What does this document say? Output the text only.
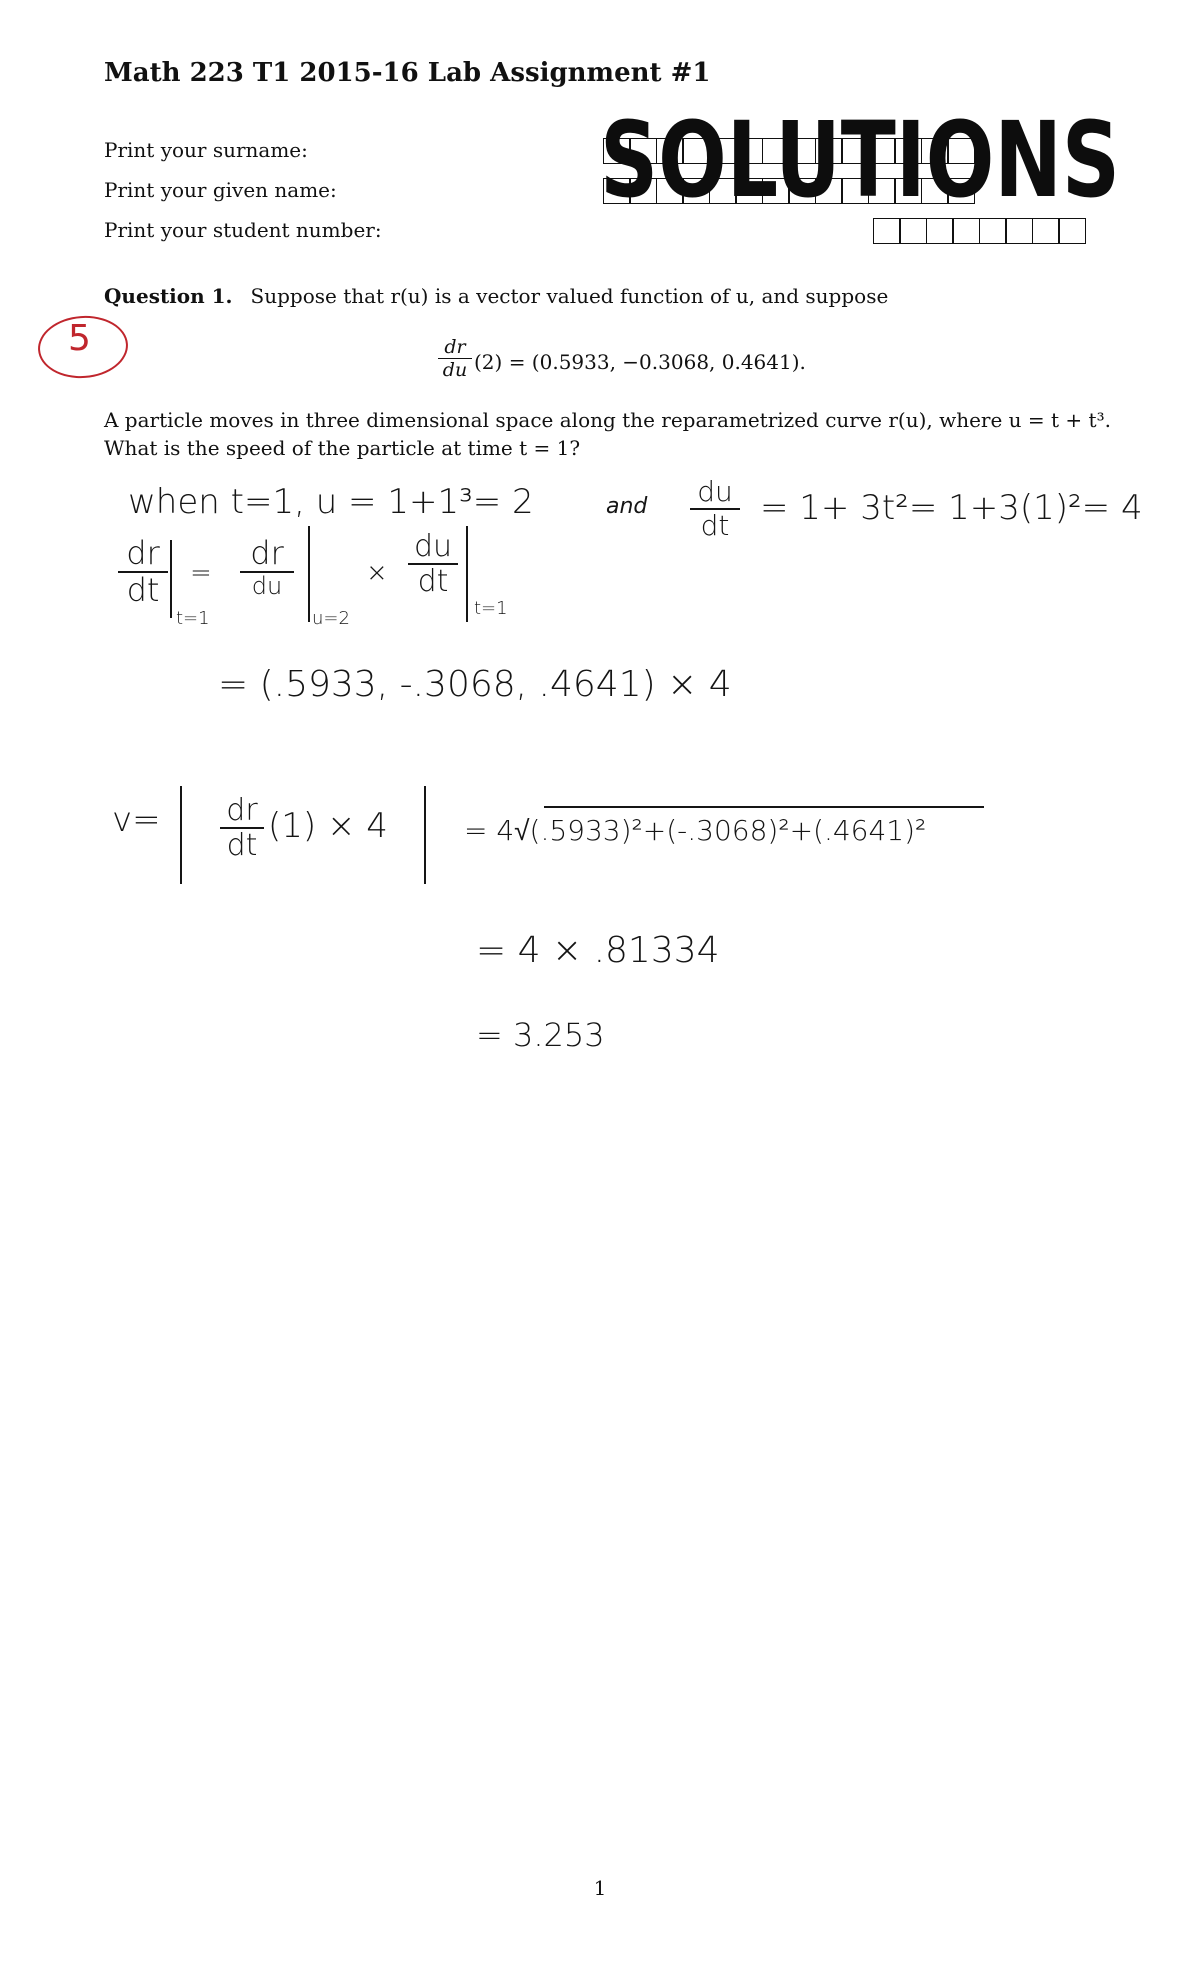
Math 223 T1 2015-16 Lab Assignment #1
Print your surname:
Print your given name:
Print your student number:
SOLUTIONS
5
Question 1. Suppose that r(u) is a vector valued function of u, and suppose
$\frac{dr}{du} (2) = (0.5933$, −0.3068, 0.4641).
A particle moves in three dimensional space along the reparametrized curve r(u), where u = t + t³.
What is the speed of the particle at time t = 1?
when t=1, u = 1+1³= 2	and du
dt = 1+ 3t²= 1+3(1)²= 4
dr
dt
t=1
=
dr
du
u=2
×
du
dt
t=1
= (.5933, -.3068, .4641) × 4
v= dr
dt (1) × 4	= 4√(.5933)²+(-.3068)²+(.4641)²
= 4 × .81334
= 3.253
1
